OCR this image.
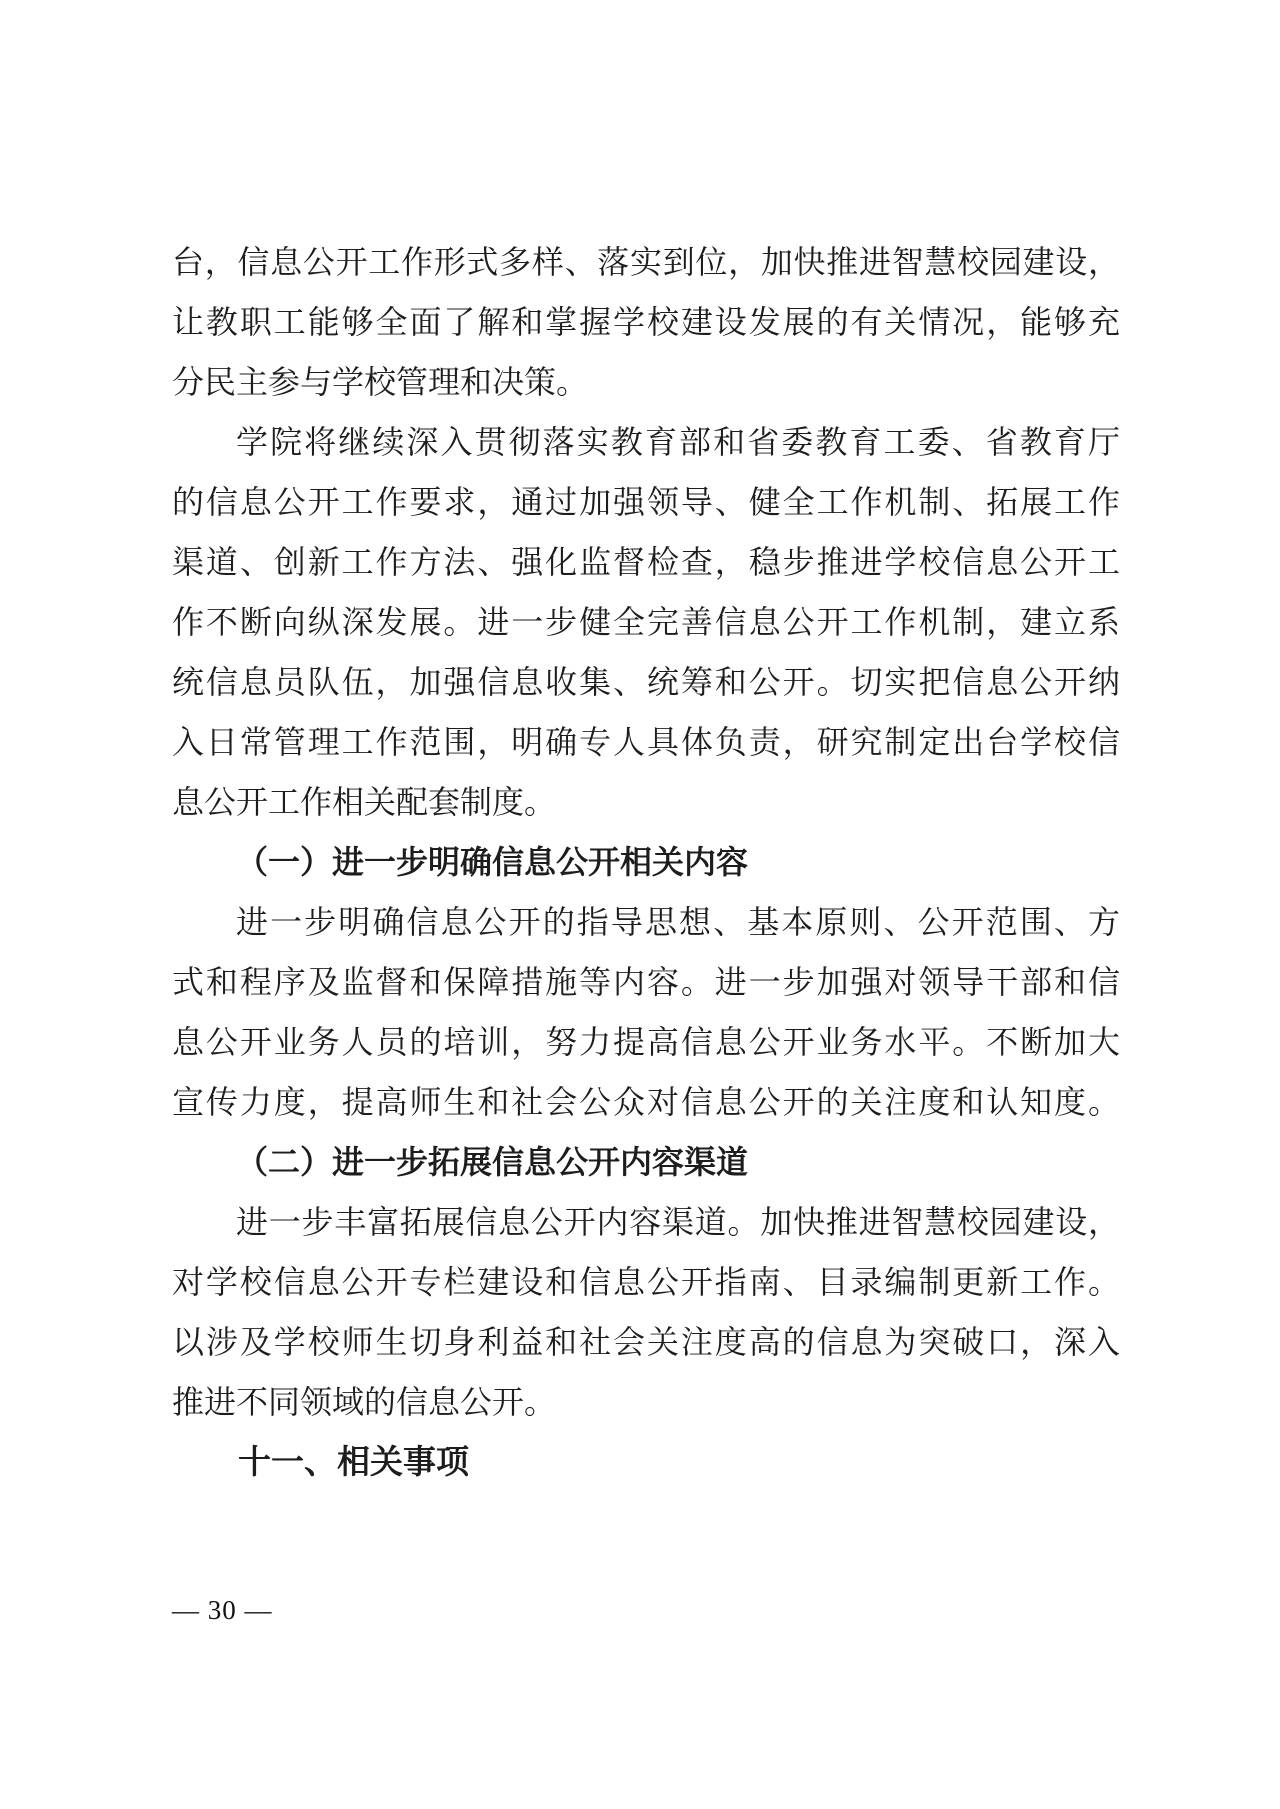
台，信息公开工作形式多样、落实到位，加快推进智慧校园建设，
让教职工能够全面了解和掌握学校建设发展的有关情况，能够充
分民主参与学校管理和决策。
学院将继续深入贯彻落实教育部和省委教育工委、省教育厅
的信息公开工作要求，通过加强领导、健全工作机制、拓展工作
渠道、创新工作方法、强化监督检查，稳步推进学校信息公开工
作不断向纵深发展。进一步健全完善信息公开工作机制，建立系
统信息员队伍，加强信息收集、统筹和公开。切实把信息公开纳
入日常管理工作范围，明确专人具体负责，研究制定出台学校信
息公开工作相关配套制度。
（一）进一步明确信息公开相关内容
进一步明确信息公开的指导思想、基本原则、公开范围、方
式和程序及监督和保障措施等内容。进一步加强对领导干部和信
息公开业务人员的培训，努力提高信息公开业务水平。不断加大
宣传力度，提高师生和社会公众对信息公开的关注度和认知度。
（二）进一步拓展信息公开内容渠道
进一步丰富拓展信息公开内容渠道。加快推进智慧校园建设，
对学校信息公开专栏建设和信息公开指南、目录编制更新工作。
以涉及学校师生切身利益和社会关注度高的信息为突破口，深入
推进不同领域的信息公开。
十一、相关事项
— 30 —
